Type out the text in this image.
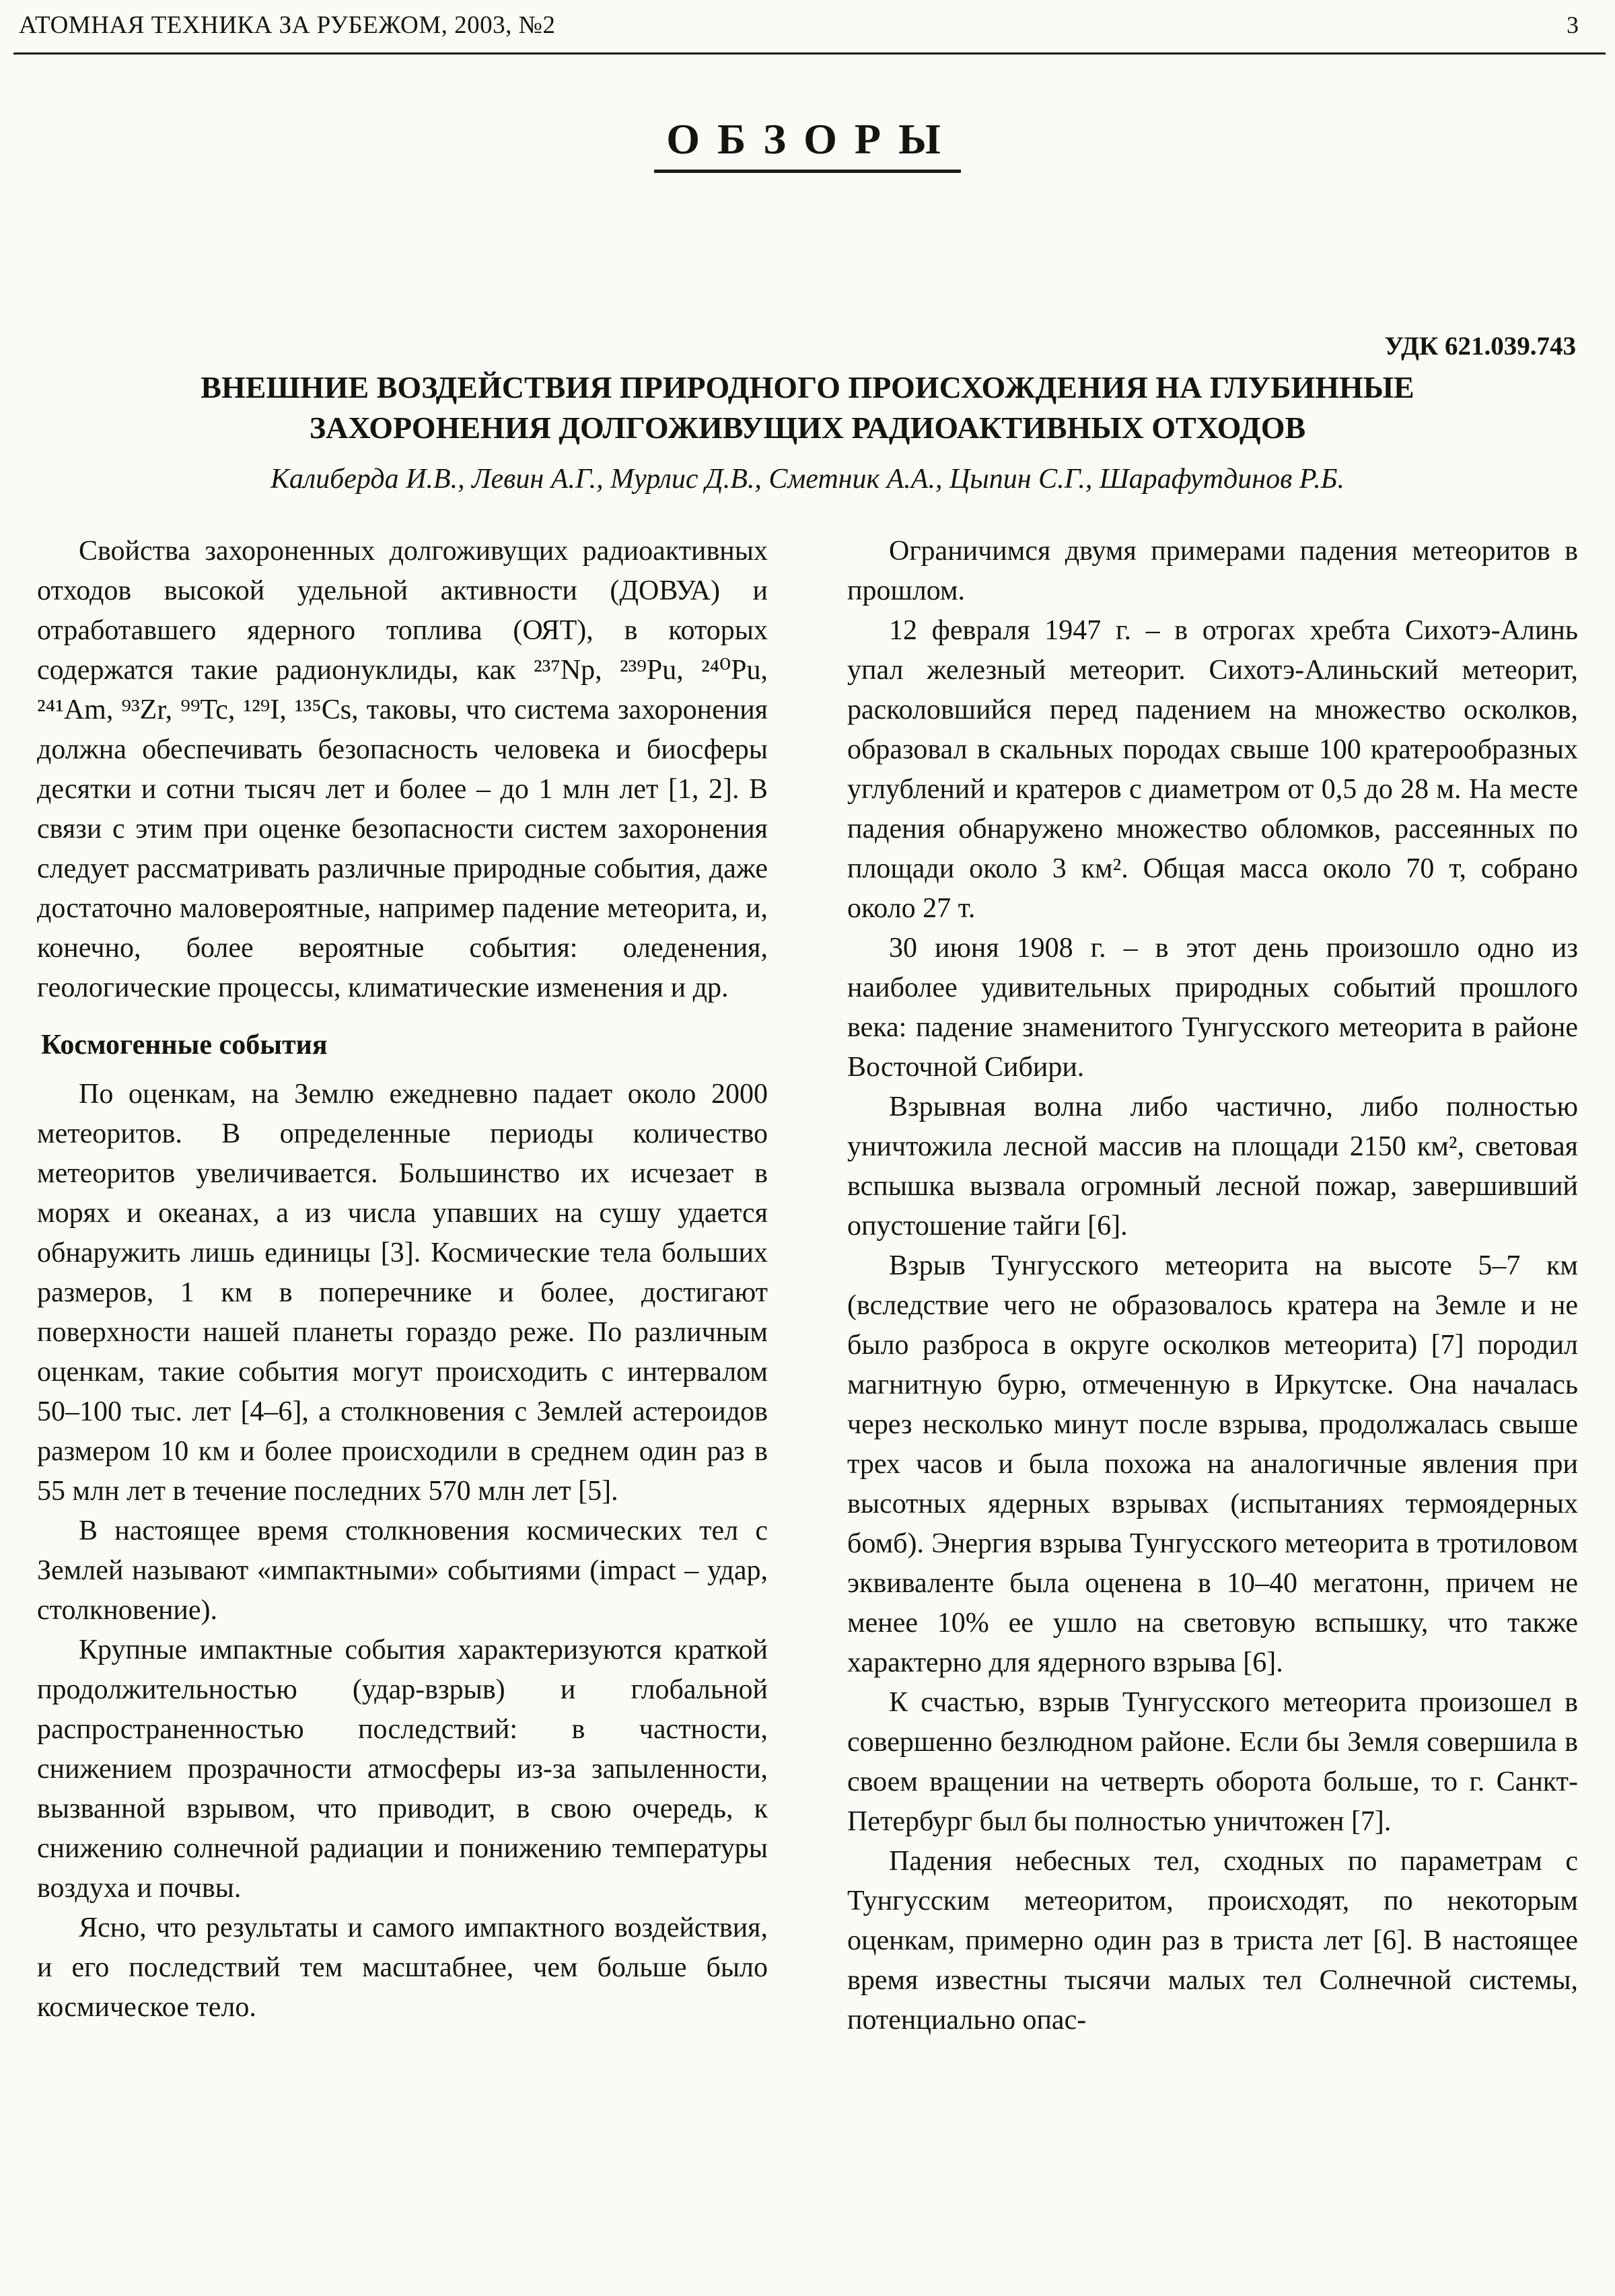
АТОМНАЯ ТЕХНИКА ЗА РУБЕЖОМ, 2003, №2	3
ОБЗОРЫ
УДК 621.039.743
ВНЕШНИЕ ВОЗДЕЙСТВИЯ ПРИРОДНОГО ПРОИСХОЖДЕНИЯ НА ГЛУБИННЫЕ
ЗАХОРОНЕНИЯ ДОЛГОЖИВУЩИХ РАДИОАКТИВНЫХ ОТХОДОВ
Калиберда И.В., Левин А.Г., Мурлис Д.В., Сметник А.А., Цыпин С.Г., Шарафутдинов Р.Б.

Свойства захороненных долгоживущих радиоактивных отходов высокой удельной активности (ДОВУА) и отработавшего ядерного топлива (ОЯТ), в которых содержатся такие радионуклиды, как ²³⁷Np, ²³⁹Pu, ²⁴⁰Pu, ²⁴¹Am, ⁹³Zr, ⁹⁹Tc, ¹²⁹I, ¹³⁵Cs, таковы, что система захоронения должна обеспечивать безопасность человека и биосферы десятки и сотни тысяч лет и более – до 1 млн лет [1, 2]. В связи с этим при оценке безопасности систем захоронения следует рассматривать различные природные события, даже достаточно маловероятные, например падение метеорита, и, конечно, более вероятные события: оледенения, геологические процессы, климатические изменения и др.

Космогенные события

По оценкам, на Землю ежедневно падает около 2000 метеоритов. В определенные периоды количество метеоритов увеличивается. Большинство их исчезает в морях и океанах, а из числа упавших на сушу удается обнаружить лишь единицы [3]. Космические тела больших размеров, 1 км в поперечнике и более, достигают поверхности нашей планеты гораздо реже. По различным оценкам, такие события могут происходить с интервалом 50–100 тыс. лет [4–6], а столкновения с Землей астероидов размером 10 км и более происходили в среднем один раз в 55 млн лет в течение последних 570 млн лет [5].

В настоящее время столкновения космических тел с Землей называют «импактными» событиями (impact – удар, столкновение).

Крупные импактные события характеризуются краткой продолжительностью (удар-взрыв) и глобальной распространенностью последствий: в частности, снижением прозрачности атмосферы из-за запыленности, вызванной взрывом, что приводит, в свою очередь, к снижению солнечной радиации и понижению температуры воздуха и почвы.

Ясно, что результаты и самого импактного воздействия, и его последствий тем масштабнее, чем больше было космическое тело.

Ограничимся двумя примерами падения метеоритов в прошлом.

12 февраля 1947 г. – в отрогах хребта Сихотэ-Алинь упал железный метеорит. Сихотэ-Алиньский метеорит, расколовшийся перед падением на множество осколков, образовал в скальных породах свыше 100 кратерообразных углублений и кратеров с диаметром от 0,5 до 28 м. На месте падения обнаружено множество обломков, рассеянных по площади около 3 км². Общая масса около 70 т, собрано около 27 т.

30 июня 1908 г. – в этот день произошло одно из наиболее удивительных природных событий прошлого века: падение знаменитого Тунгусского метеорита в районе Восточной Сибири.

Взрывная волна либо частично, либо полностью уничтожила лесной массив на площади 2150 км², световая вспышка вызвала огромный лесной пожар, завершивший опустошение тайги [6].

Взрыв Тунгусского метеорита на высоте 5–7 км (вследствие чего не образовалось кратера на Земле и не было разброса в округе осколков метеорита) [7] породил магнитную бурю, отмеченную в Иркутске. Она началась через несколько минут после взрыва, продолжалась свыше трех часов и была похожа на аналогичные явления при высотных ядерных взрывах (испытаниях термоядерных бомб). Энергия взрыва Тунгусского метеорита в тротиловом эквиваленте была оценена в 10–40 мегатонн, причем не менее 10% ее ушло на световую вспышку, что также характерно для ядерного взрыва [6].

К счастью, взрыв Тунгусского метеорита произошел в совершенно безлюдном районе. Если бы Земля совершила в своем вращении на четверть оборота больше, то г. Санкт-Петербург был бы полностью уничтожен [7].

Падения небесных тел, сходных по параметрам с Тунгусским метеоритом, происходят, по некоторым оценкам, примерно один раз в триста лет [6]. В настоящее время известны тысячи малых тел Солнечной системы, потенциально опас-
